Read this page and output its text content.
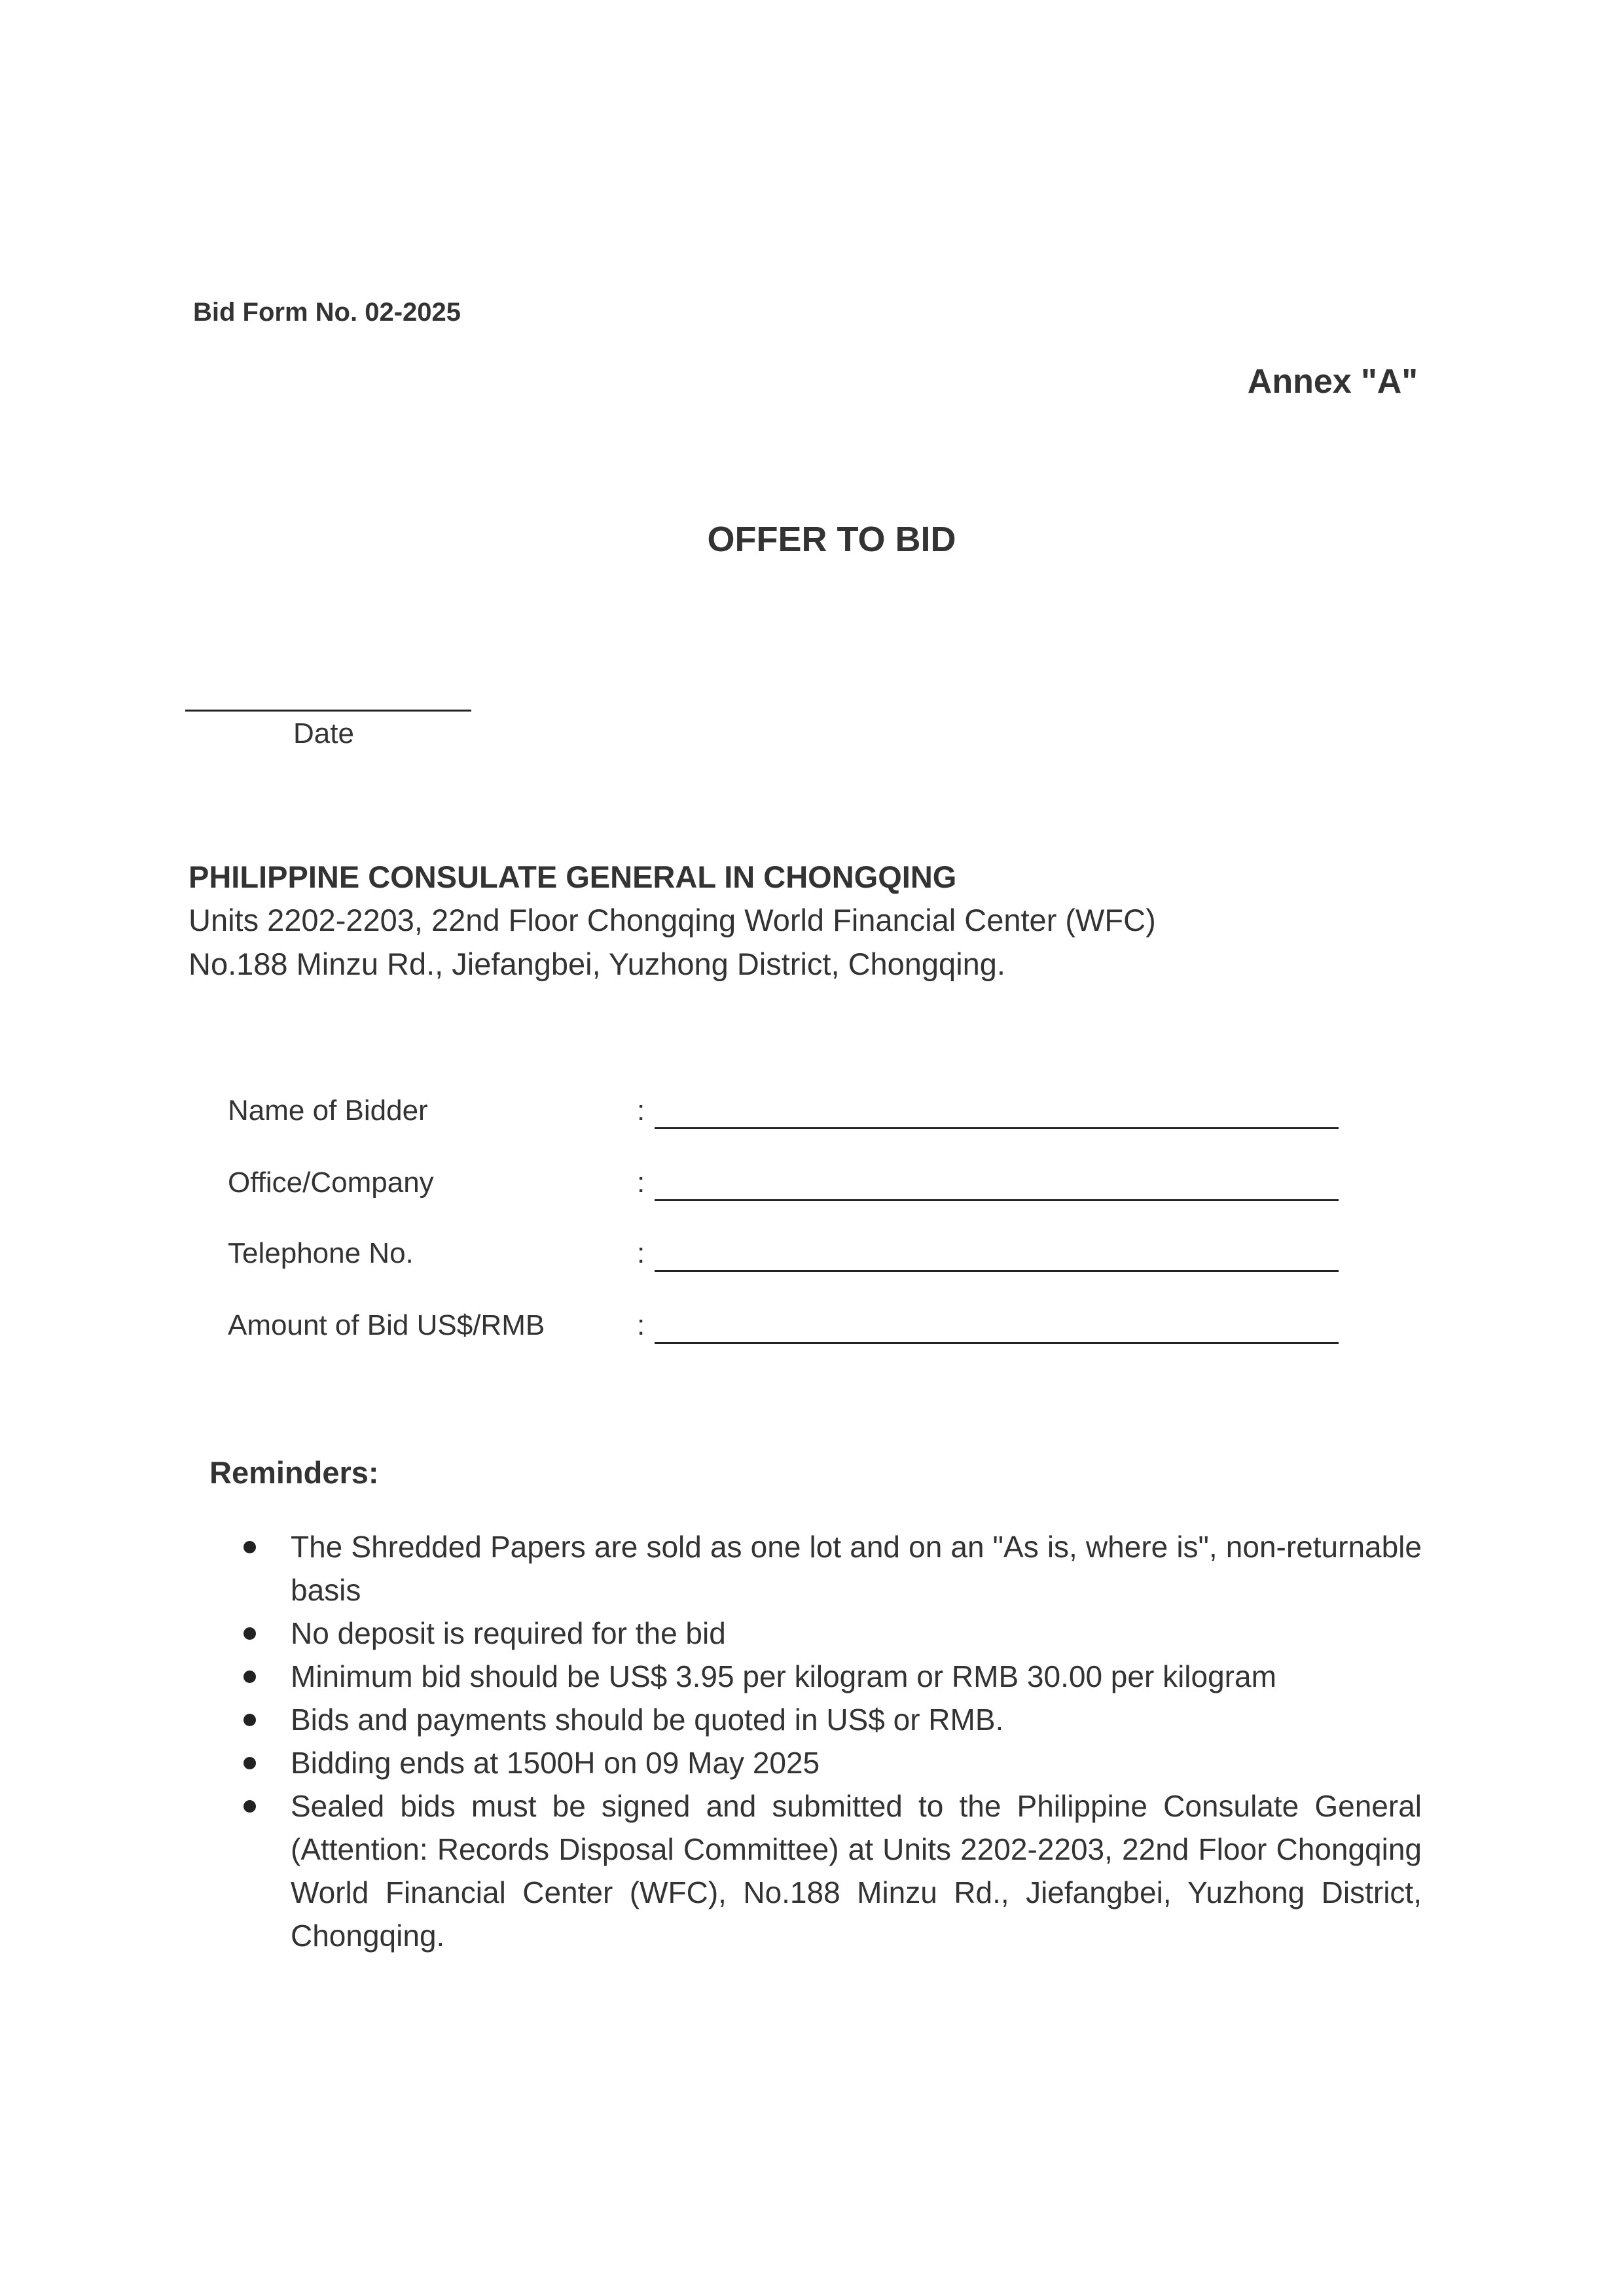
Bid Form No. 02-2025
Annex "A"
OFFER TO BID
Date
PHILIPPINE CONSULATE GENERAL IN CHONGQING
Units 2202-2203, 22nd Floor Chongqing World Financial Center (WFC)
No.188 Minzu Rd., Jiefangbei, Yuzhong District, Chongqing.
Name of Bidder	:
Office/Company	:
Telephone No.	:
Amount of Bid US$/RMB	:
Reminders:
The Shredded Papers are sold as one lot and on an "As is, where is", non-returnable basis
No deposit is required for the bid
Minimum bid should be US$ 3.95 per kilogram or RMB 30.00 per kilogram
Bids and payments should be quoted in US$ or RMB.
Bidding ends at 1500H on 09 May 2025
Sealed bids must be signed and submitted to the Philippine Consulate General (Attention: Records Disposal Committee) at Units 2202-2203, 22nd Floor Chongqing World Financial Center (WFC), No.188 Minzu Rd., Jiefangbei, Yuzhong District, Chongqing.
